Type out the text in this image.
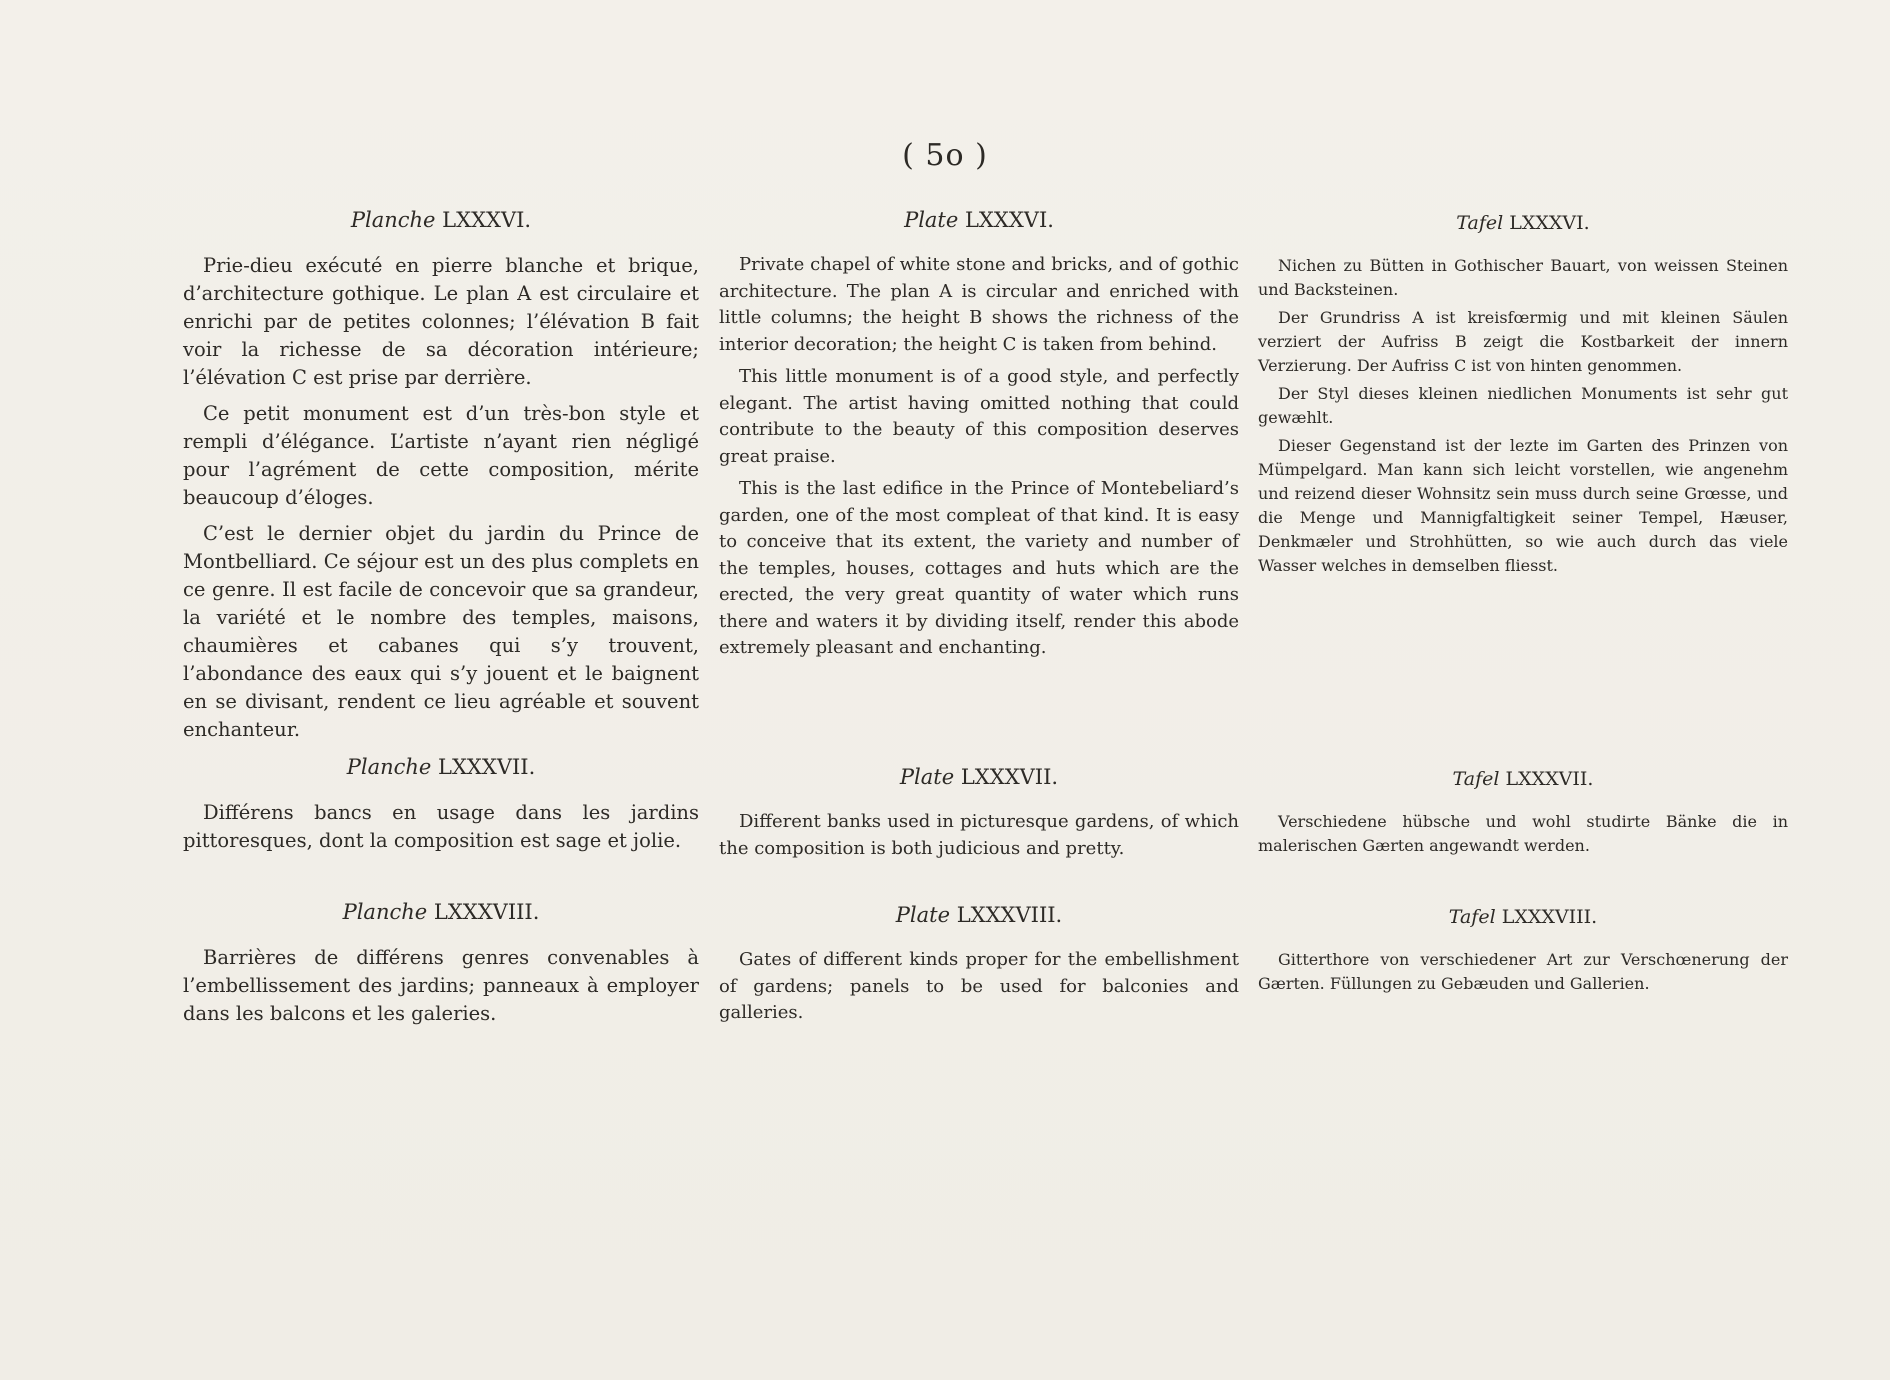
( 5o )
Planche LXXXVI.

Prie-dieu exécuté en pierre blanche et brique, d’architecture gothique. Le plan A est circulaire et enrichi par de petites colonnes; l’élévation B fait voir la richesse de sa décoration intérieure; l’élévation C est prise par derrière.

Ce petit monument est d’un très-bon style et rempli d’élégance. L’artiste n’ayant rien négligé pour l’agrément de cette composition, mérite beaucoup d’éloges.

C’est le dernier objet du jardin du Prince de Montbelliard. Ce séjour est un des plus complets en ce genre. Il est facile de concevoir que sa grandeur, la variété et le nombre des temples, maisons, chaumières et cabanes qui s’y trouvent, l’abondance des eaux qui s’y jouent et le baignent en se divisant, rendent ce lieu agréable et souvent enchanteur.

Planche LXXXVII.

Différens bancs en usage dans les jardins pittoresques, dont la composition est sage et jolie.

Planche LXXXVIII.

Barrières de différens genres convenables à l’embellissement des jardins; panneaux à employer dans les balcons et les galeries.

Plate LXXXVI.

Private chapel of white stone and bricks, and of gothic architecture. The plan A is circular and enriched with little columns; the height B shows the richness of the interior decoration; the height C is taken from behind.

This little monument is of a good style, and perfectly elegant. The artist having omitted nothing that could contribute to the beauty of this composition deserves great praise.

This is the last edifice in the Prince of Montebeliard’s garden, one of the most compleat of that kind. It is easy to conceive that its extent, the variety and number of the temples, houses, cottages and huts which are the erected, the very great quantity of water which runs there and waters it by dividing itself, render this abode extremely pleasant and enchanting.

Plate LXXXVII.

Different banks used in picturesque gardens, of which the composition is both judicious and pretty.

Plate LXXXVIII.

Gates of different kinds proper for the embellishment of gardens; panels to be used for balconies and galleries.

Tafel LXXXVI.

Nichen zu Bütten in Gothischer Bauart, von weissen Steinen und Backsteinen.

Der Grundriss A ist kreisfœrmig und mit kleinen Säulen verziert der Aufriss B zeigt die Kostbarkeit der innern Verzierung. Der Aufriss C ist von hinten genommen.

Der Styl dieses kleinen niedlichen Monuments ist sehr gut gewæhlt.

Dieser Gegenstand ist der lezte im Garten des Prinzen von Mümpelgard. Man kann sich leicht vorstellen, wie angenehm und reizend dieser Wohnsitz sein muss durch seine Grœsse, und die Menge und Mannigfaltigkeit seiner Tempel, Hæuser, Denkmæler und Strohhütten, so wie auch durch das viele Wasser welches in demselben fliesst.

Tafel LXXXVII.

Verschiedene hübsche und wohl studirte Bänke die in malerischen Gærten angewandt werden.

Tafel LXXXVIII.

Gitterthore von verschiedener Art zur Verschœnerung der Gærten. Füllungen zu Gebæuden und Gallerien.
